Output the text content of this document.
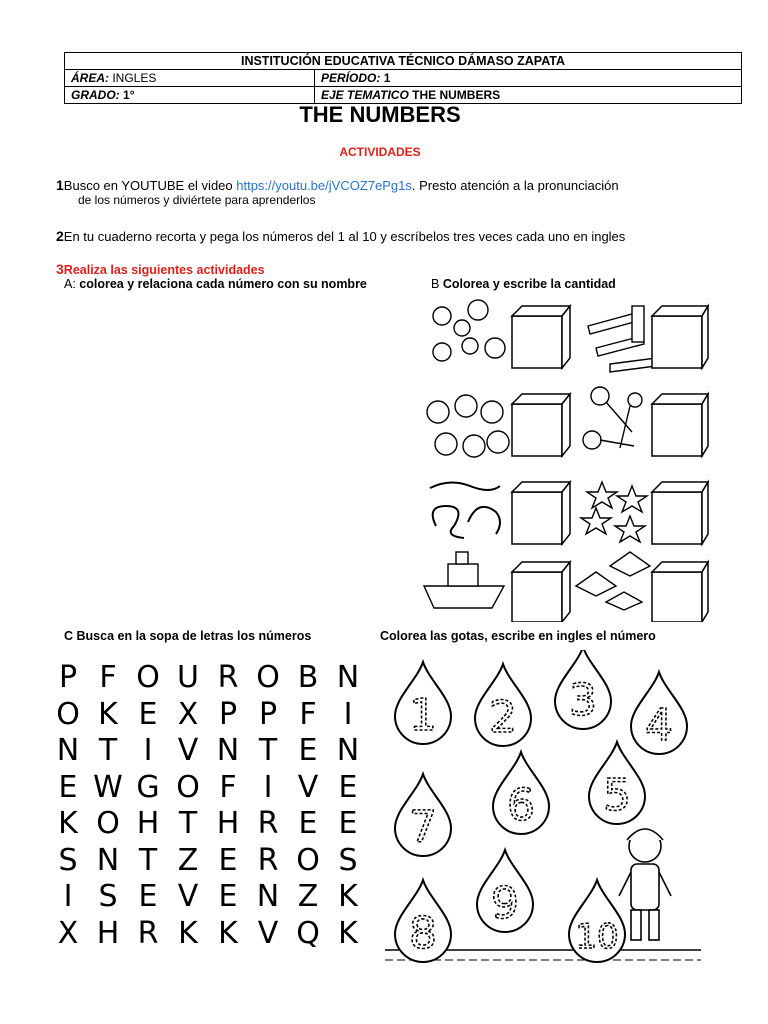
INSTITUCIÓN EDUCATIVA TÉCNICO DÁMASO ZAPATA
ÁREA: INGLES	PERÍODO: 1
GRADO: 1°	EJE TEMATICO THE NUMBERS
THE NUMBERS
ACTIVIDADES
1Busco en YOUTUBE el video https://youtu.be/jVCOZ7ePg1s. Presto atención a la pronunciación
de los números y diviértete para aprenderlos
2En tu cuaderno recorta y pega los números del 1 al 10 y escríbelos tres veces cada uno en ingles
3Realiza las siguientes actividades
A: colorea y relaciona cada número con su nombre	B Colorea y escribe la cantidad
C Busca en la sopa de letras los números	Colorea las gotas, escribe en ingles el número
P F O U R O B N
O K E X P P F I
N T I V N T E N
E W G O F I V E
K O H T H R E E
S N T Z E R O S
I S E V E N Z K
X H R K K V Q K
1 2 3 4
7 6 5
8
9
10
